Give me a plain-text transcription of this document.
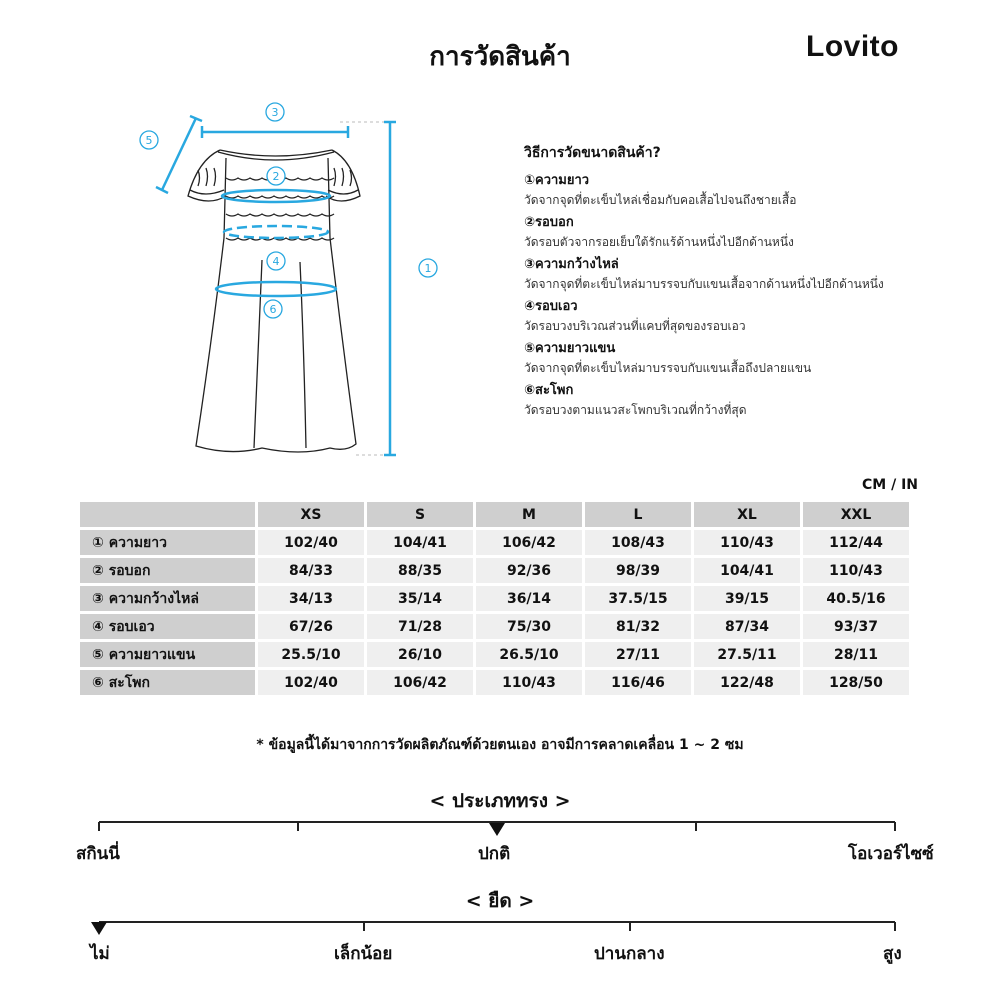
การวัดสินค้า	Lovito
3
5
2
4
6
1
วิธีการวัดขนาดสินค้า?
①ความยาว
วัดจากจุดที่ตะเข็บไหล่เชื่อมกับคอเสื้อไปจนถึงชายเสื้อ
②รอบอก
วัดรอบตัวจากรอยเย็บใต้รักแร้ด้านหนึ่งไปอีกด้านหนึ่ง
③ความกว้างไหล่
วัดจากจุดที่ตะเข็บไหล่มาบรรจบกับแขนเสื้อจากด้านหนึ่งไปอีกด้านหนึ่ง
④รอบเอว
วัดรอบวงบริเวณส่วนที่แคบที่สุดของรอบเอว
⑤ความยาวแขน
วัดจากจุดที่ตะเข็บไหล่มาบรรจบกับแขนเสื้อถึงปลายแขน
⑥สะโพก
วัดรอบวงตามแนวสะโพกบริเวณที่กว้างที่สุด
CM / IN
	XS	S	M	L	XL	XXL
① ความยาว	102/40	104/41	106/42	108/43	110/43	112/44
② รอบอก	84/33	88/35	92/36	98/39	104/41	110/43
③ ความกว้างไหล่	34/13	35/14	36/14	37.5/15	39/15	40.5/16
④ รอบเอว	67/26	71/28	75/30	81/32	87/34	93/37
⑤ ความยาวแขน	25.5/10	26/10	26.5/10	27/11	27.5/11	28/11
⑥ สะโพก	102/40	106/42	110/43	116/46	122/48	128/50
* ข้อมูลนี้ได้มาจากการวัดผลิตภัณฑ์ด้วยตนเอง อาจมีการคลาดเคลื่อน 1 ~ 2 ซม
< ประเภททรง >
สกินนี่	ปกติ	โอเวอร์ไซซ์
< ยืด >
ไม่	เล็กน้อย	ปานกลาง	สูง
